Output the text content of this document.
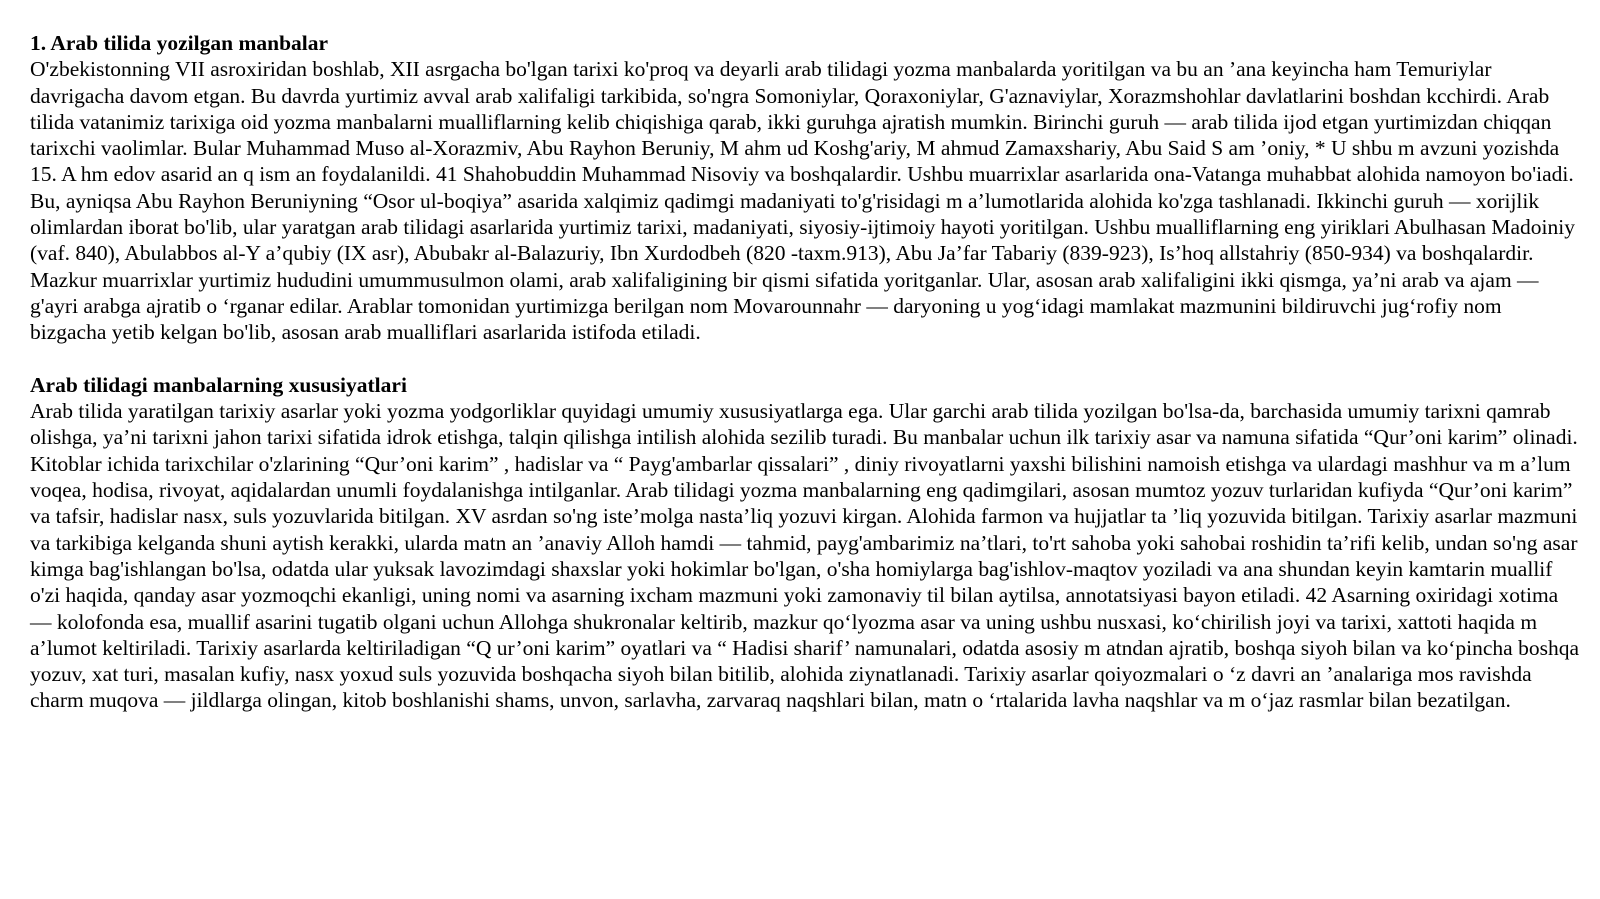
1. Arab tilida yozilgan manbalar
O'zbekistonning VII asroxiridan boshlab, XII asrgacha bo'lgan tarixi ko'proq va deyarli arab tilidagi yozma manbalarda yoritilgan va bu an ’ana keyincha ham Temuriylar davrigacha davom etgan. Bu davrda yurtimiz avval arab xalifaligi tarkibida, so'ngra Somoniylar, Qoraxoniylar, G'aznaviylar, Xorazmshohlar davlatlarini boshdan kcchirdi. Arab tilida vatanimiz tarixiga oid yozma manbalarni mualliflarning kelib chiqishiga qarab, ikki guruhga ajratish mumkin. Birinchi guruh — arab tilida ijod etgan yurtimizdan chiqqan tarixchi vaolimlar. Bular Muhammad Muso al-Xorazmiv, Abu Rayhon Beruniy, M ahm ud Koshg'ariy, M ahmud Zamaxshariy, Abu Said S am ’oniy, * U shbu m avzuni yozishda 15. A hm edov asarid an q ism an foydalanildi. 41 Shahobuddin Muhammad Nisoviy va boshqalardir. Ushbu muarrixlar asarlarida ona-Vatanga muhabbat alohida namoyon bo'iadi. Bu, ayniqsa Abu Rayhon Beruniyning “Osor ul-boqiya” asarida xalqimiz qadimgi madaniyati to'g'risidagi m a’lumotlarida alohida ko'zga tashlanadi. Ikkinchi guruh — xorijlik olimlardan iborat bo'lib, ular yaratgan arab tilidagi asarlarida yurtimiz tarixi, madaniyati, siyosiy-ijtimoiy hayoti yoritilgan. Ushbu mualliflarning eng yiriklari Abulhasan Madoiniy (vaf. 840), Abulabbos al-Y a’qubiy (IX asr), Abubakr al-Balazuriy, Ibn Xurdodbeh (820 -taxm.913), Abu Ja’far Tabariy (839-923), Is’hoq allstahriy (850-934) va boshqalardir. Mazkur muarrixlar yurtimiz hududini umummusulmon olami, arab xalifaligining bir qismi sifatida yoritganlar. Ular, asosan arab xalifaligini ikki qismga, ya’ni arab va ajam — g'ayri arabga ajratib o ‘rganar edilar. Arablar tomonidan yurtimizga berilgan nom Movarounnahr — daryoning u yog‘idagi mamlakat mazmunini bildiruvchi jug‘rofiy nom bizgacha yetib kelgan bo'lib, asosan arab mualliflari asarlarida istifoda etiladi.
Arab tilidagi manbalarning xususiyatlari
Arab tilida yaratilgan tarixiy asarlar yoki yozma yodgorliklar quyidagi umumiy xususiyatlarga ega. Ular garchi arab tilida yozilgan bo'lsa-da, barchasida umumiy tarixni qamrab olishga, ya’ni tarixni jahon tarixi sifatida idrok etishga, talqin qilishga intilish alohida sezilib turadi. Bu manbalar uchun ilk tarixiy asar va namuna sifatida “Qur’oni karim” olinadi. Kitoblar ichida tarixchilar o'zlarining “Qur’oni karim” , hadislar va “ Payg'ambarlar qissalari” , diniy rivoyatlarni yaxshi bilishini namoish etishga va ulardagi mashhur va m a’lum voqea, hodisa, rivoyat, aqidalardan unumli foydalanishga intilganlar. Arab tilidagi yozma manbalarning eng qadimgilari, asosan mumtoz yozuv turlaridan kufiyda “Qur’oni karim” va tafsir, hadislar nasx, suls yozuvlarida bitilgan. XV asrdan so'ng iste’molga nasta’liq yozuvi kirgan. Alohida farmon va hujjatlar ta ’liq yozuvida bitilgan. Tarixiy asarlar mazmuni va tarkibiga kelganda shuni aytish kerakki, ularda matn an ’anaviy Alloh hamdi — tahmid, payg'ambarimiz na’tlari, to'rt sahoba yoki sahobai roshidin ta’rifi kelib, undan so'ng asar kimga bag'ishlangan bo'lsa, odatda ular yuksak lavozimdagi shaxslar yoki hokimlar bo'lgan, o'sha homiylarga bag'ishlov-maqtov yoziladi va ana shundan keyin kamtarin muallif o'zi haqida, qanday asar yozmoqchi ekanligi, uning nomi va asarning ixcham mazmuni yoki zamonaviy til bilan aytilsa, annotatsiyasi bayon etiladi. 42 Asarning oxiridagi xotima — kolofonda esa, muallif asarini tugatib olgani uchun Allohga shukronalar keltirib, mazkur qo‘lyozma asar va uning ushbu nusxasi, ko‘chirilish joyi va tarixi, xattoti haqida m a’lumot keltiriladi. Tarixiy asarlarda keltiriladigan “Q ur’oni karim” oyatlari va “ Hadisi sharif’ namunalari, odatda asosiy m atndan ajratib, boshqa siyoh bilan va ko‘pincha boshqa yozuv, xat turi, masalan kufiy, nasx yoxud suls yozuvida boshqacha siyoh bilan bitilib, alohida ziynatlanadi. Tarixiy asarlar qoiyozmalari o ‘z davri an ’analariga mos ravishda charm muqova — jildlarga olingan, kitob boshlanishi shams, unvon, sarlavha, zarvaraq naqshlari bilan, matn o ‘rtalarida lavha naqshlar va m o‘jaz rasmlar bilan bezatilgan.
